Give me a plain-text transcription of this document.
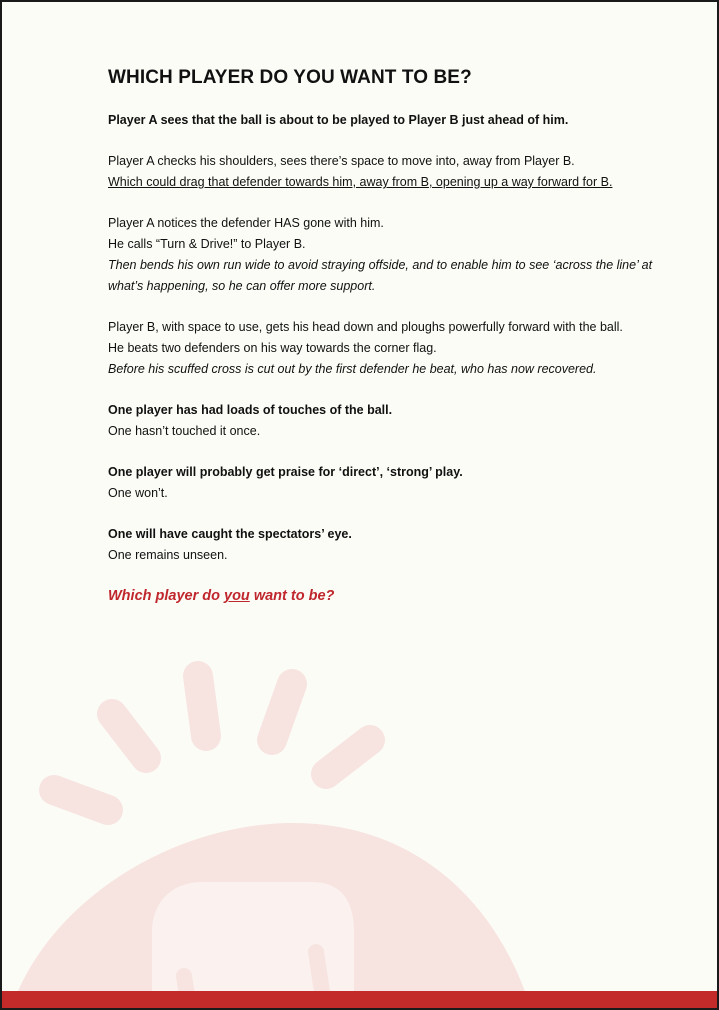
WHICH PLAYER DO YOU WANT TO BE?
Player A sees that the ball is about to be played to Player B just ahead of him.
Player A checks his shoulders, sees there’s space to move into, away from Player B.
Which could drag that defender towards him, away from B, opening up a way forward for B.
Player A notices the defender HAS gone with him.
He calls “Turn & Drive!” to Player B.
Then bends his own run wide to avoid straying offside, and to enable him to see ‘across the line’ at what’s happening, so he can offer more support.
Player B, with space to use, gets his head down and ploughs powerfully forward with the ball.
He beats two defenders on his way towards the corner flag.
Before his scuffed cross is cut out by the first defender he beat, who has now recovered.
One player has had loads of touches of the ball.
One hasn’t touched it once.
One player will probably get praise for ‘direct’, ‘strong’ play.
One won’t.
One will have caught the spectators’ eye.
One remains unseen.
Which player do you want to be?
